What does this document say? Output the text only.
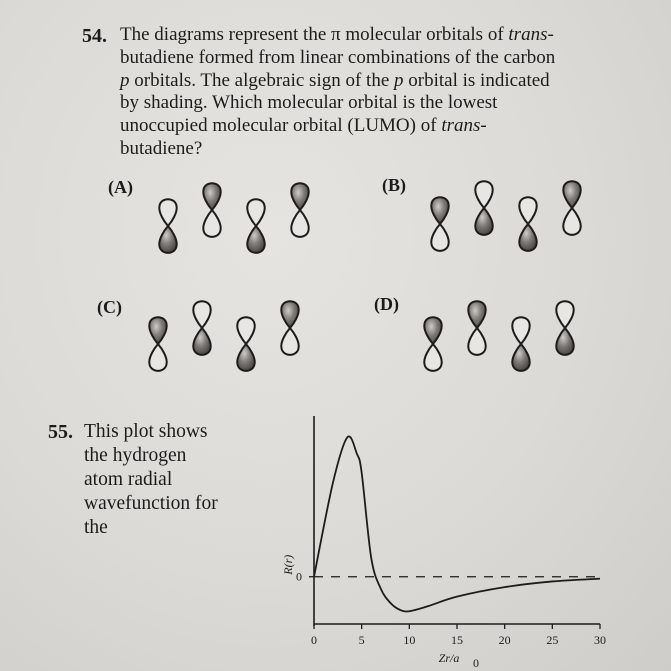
54. The diagrams represent the π molecular orbitals of trans-
butadiene formed from linear combinations of the carbon
p orbitals. The algebraic sign of the p orbital is indicated
by shading. Which molecular orbital is the lowest
unoccupied molecular orbital (LUMO) of trans-
butadiene?
(A)	(B)
(C)	(D)
55. This plot shows
the hydrogen
atom radial
wavefunction for
the
0
0	5	10	15	20	25	30
R(r)
Zr/a 0
